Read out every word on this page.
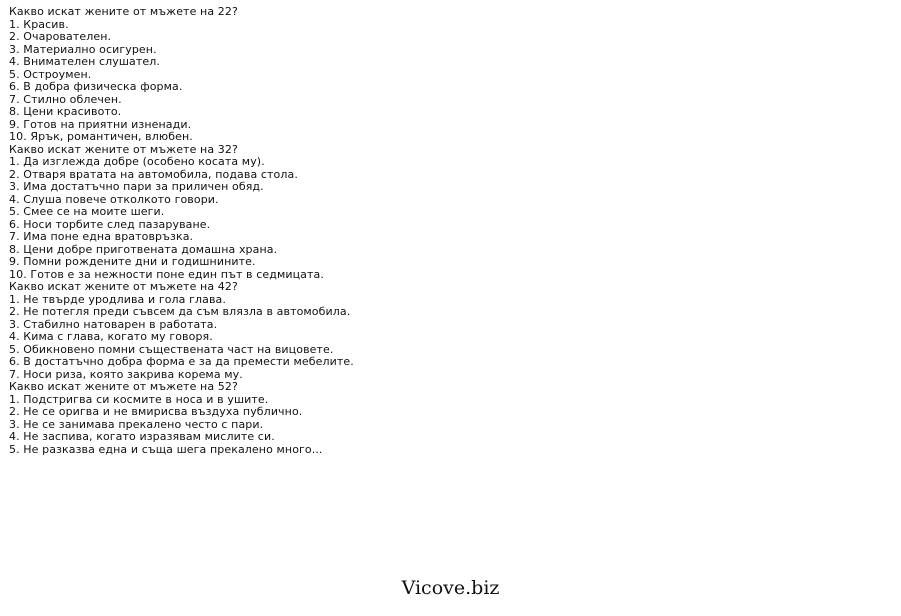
Какво искат жените от мъжете на 22?
1. Красив.
2. Очарователен.
3. Материално осигурен.
4. Внимателен слушател.
5. Остроумен.
6. В добра физическа форма.
7. Стилно облечен.
8. Цени красивото.
9. Готов на приятни изненади.
10. Ярък, романтичен, влюбен.
Какво искат жените от мъжете на 32?
1. Да изглежда добре (особено косата му).
2. Отваря вратата на автомобила, подава стола.
3. Има достатъчно пари за приличен обяд.
4. Слуша повече отколкото говори.
5. Смее се на моите шеги.
6. Носи торбите след пазаруване.
7. Има поне една вратовръзка.
8. Цени добре приготвената домашна храна.
9. Помни рождените дни и годишнините.
10. Готов е за нежности поне един път в седмицата.
Какво искат жените от мъжете на 42?
1. Не твърде уродлива и гола глава.
2. Не потегля преди съвсем да съм влязла в автомобила.
3. Стабилно натоварен в работата.
4. Кима с глава, когато му говоря.
5. Обикновено помни съществената част на вицовете.
6. В достатъчно добра форма е за да премести мебелите.
7. Носи риза, която закрива корема му.
Какво искат жените от мъжете на 52?
1. Подстригва си космите в носа и в ушите.
2. Не се оригва и не вмирисва въздуха публично.
3. Не се занимава прекалено често с пари.
4. Не заспива, когато изразявам мислите си.
5. Не разказва една и съща шега прекалено много...
Vicove.biz
